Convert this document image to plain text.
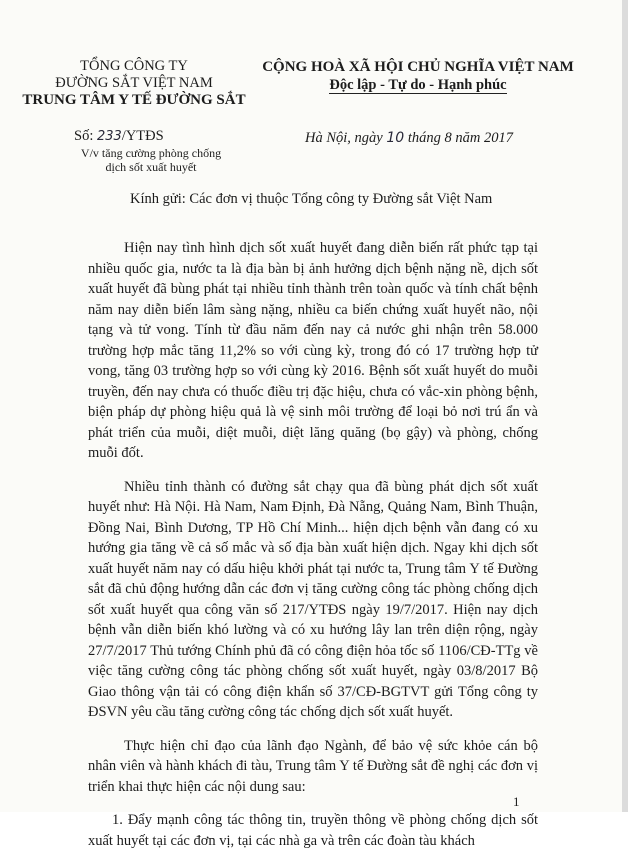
TỔNG CÔNG TY
ĐƯỜNG SẮT VIỆT NAM
TRUNG TÂM Y TẾ ĐƯỜNG SẮT
CỘNG HOÀ XÃ HỘI CHỦ NGHĨA VIỆT NAM
Độc lập - Tự do - Hạnh phúc
Số: 233/YTĐS
V/v tăng cường phòng chống
dịch sốt xuất huyết
Hà Nội, ngày 10 tháng 8 năm 2017
Kính gửi: Các đơn vị thuộc Tổng công ty Đường sắt Việt Nam

Hiện nay tình hình dịch sốt xuất huyết đang diễn biến rất phức tạp tại nhiều quốc gia, nước ta là địa bàn bị ảnh hưởng dịch bệnh nặng nề, dịch sốt xuất huyết đã bùng phát tại nhiều tỉnh thành trên toàn quốc và tính chất bệnh năm nay diễn biến lâm sàng nặng, nhiều ca biến chứng xuất huyết não, nội tạng và tử vong. Tính từ đầu năm đến nay cả nước ghi nhận trên 58.000 trường hợp mắc tăng 11,2% so với cùng kỳ, trong đó có 17 trường hợp tử vong, tăng 03 trường hợp so với cùng kỳ 2016. Bệnh sốt xuất huyết do muỗi truyền, đến nay chưa có thuốc điều trị đặc hiệu, chưa có vắc-xin phòng bệnh, biện pháp dự phòng hiệu quả là vệ sinh môi trường để loại bỏ nơi trú ẩn và phát triển của muỗi, diệt muỗi, diệt lăng quăng (bọ gậy) và phòng, chống muỗi đốt.

Nhiều tỉnh thành có đường sắt chạy qua đã bùng phát dịch sốt xuất huyết như: Hà Nội. Hà Nam, Nam Định, Đà Nẵng, Quảng Nam, Bình Thuận, Đồng Nai, Bình Dương, TP Hồ Chí Minh... hiện dịch bệnh vẫn đang có xu hướng gia tăng về cả số mắc và số địa bàn xuất hiện dịch. Ngay khi dịch sốt xuất huyết năm nay có dấu hiệu khởi phát tại nước ta, Trung tâm Y tế Đường sắt đã chủ động hướng dẫn các đơn vị tăng cường công tác phòng chống dịch sốt xuất huyết qua công văn số 217/YTĐS ngày 19/7/2017. Hiện nay dịch bệnh vẫn diễn biến khó lường và có xu hướng lây lan trên diện rộng, ngày 27/7/2017 Thủ tướng Chính phủ đã có công điện hỏa tốc số 1106/CĐ-TTg về việc tăng cường công tác phòng chống sốt xuất huyết, ngày 03/8/2017 Bộ Giao thông vận tải có công điện khẩn số 37/CĐ-BGTVT gửi Tổng công ty ĐSVN yêu cầu tăng cường công tác chống dịch sốt xuất huyết.

Thực hiện chỉ đạo của lãnh đạo Ngành, để bảo vệ sức khỏe cán bộ nhân viên và hành khách đi tàu, Trung tâm Y tế Đường sắt đề nghị các đơn vị triển khai thực hiện các nội dung sau:

1. Đẩy mạnh công tác thông tin, truyền thông về phòng chống dịch sốt xuất huyết tại các đơn vị, tại các nhà ga và trên các đoàn tàu khách

1
